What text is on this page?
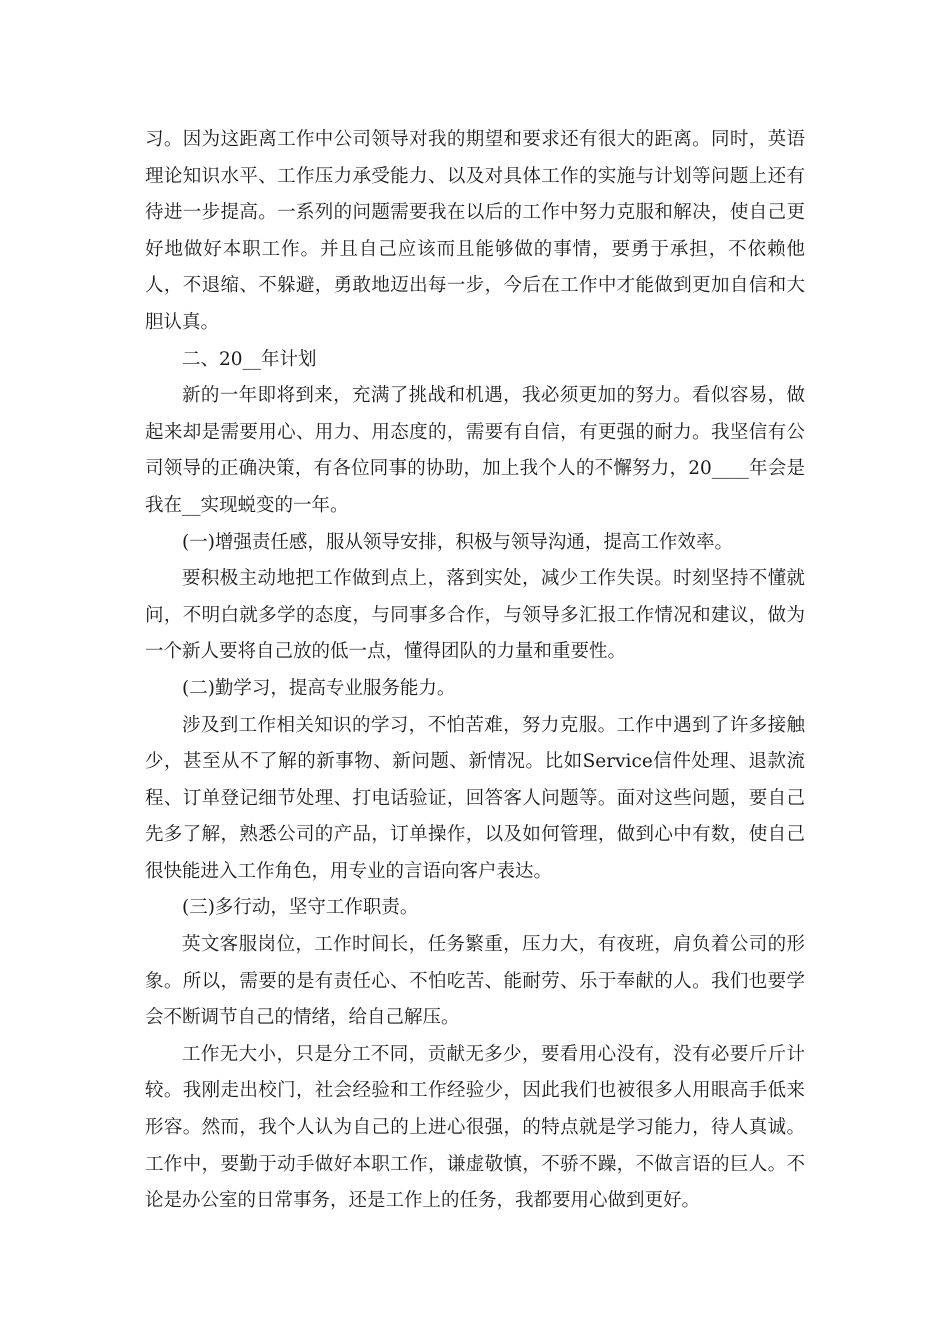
习。因为这距离工作中公司领导对我的期望和要求还有很大的距离。同时，英语理论知识水平、工作压力承受能力、以及对具体工作的实施与计划等问题上还有待进一步提高。一系列的问题需要我在以后的工作中努力克服和解决，使自己更好地做好本职工作。并且自己应该而且能够做的事情，要勇于承担，不依赖他人，不退缩、不躲避，勇敢地迈出每一步，今后在工作中才能做到更加自信和大胆认真。

二、20__年计划

新的一年即将到来，充满了挑战和机遇，我必须更加的努力。看似容易，做起来却是需要用心、用力、用态度的，需要有自信，有更强的耐力。我坚信有公司领导的正确决策，有各位同事的协助，加上我个人的不懈努力，20____年会是我在__实现蜕变的一年。

(一)增强责任感，服从领导安排，积极与领导沟通，提高工作效率。

要积极主动地把工作做到点上，落到实处，减少工作失误。时刻坚持不懂就问，不明白就多学的态度，与同事多合作，与领导多汇报工作情况和建议，做为一个新人要将自己放的低一点，懂得团队的力量和重要性。

(二)勤学习，提高专业服务能力。

涉及到工作相关知识的学习，不怕苦难，努力克服。工作中遇到了许多接触少，甚至从不了解的新事物、新问题、新情况。比如Service信件处理、退款流程、订单登记细节处理、打电话验证，回答客人问题等。面对这些问题，要自己先多了解，熟悉公司的产品，订单操作，以及如何管理，做到心中有数，使自己很快能进入工作角色，用专业的言语向客户表达。

(三)多行动，坚守工作职责。

英文客服岗位，工作时间长，任务繁重，压力大，有夜班，肩负着公司的形象。所以，需要的是有责任心、不怕吃苦、能耐劳、乐于奉献的人。我们也要学会不断调节自己的情绪，给自己解压。

工作无大小，只是分工不同，贡献无多少，要看用心没有，没有必要斤斤计较。我刚走出校门，社会经验和工作经验少，因此我们也被很多人用眼高手低来形容。然而，我个人认为自己的上进心很强，的特点就是学习能力，待人真诚。工作中，要勤于动手做好本职工作，谦虚敬慎，不骄不躁，不做言语的巨人。不论是办公室的日常事务，还是工作上的任务，我都要用心做到更好。
